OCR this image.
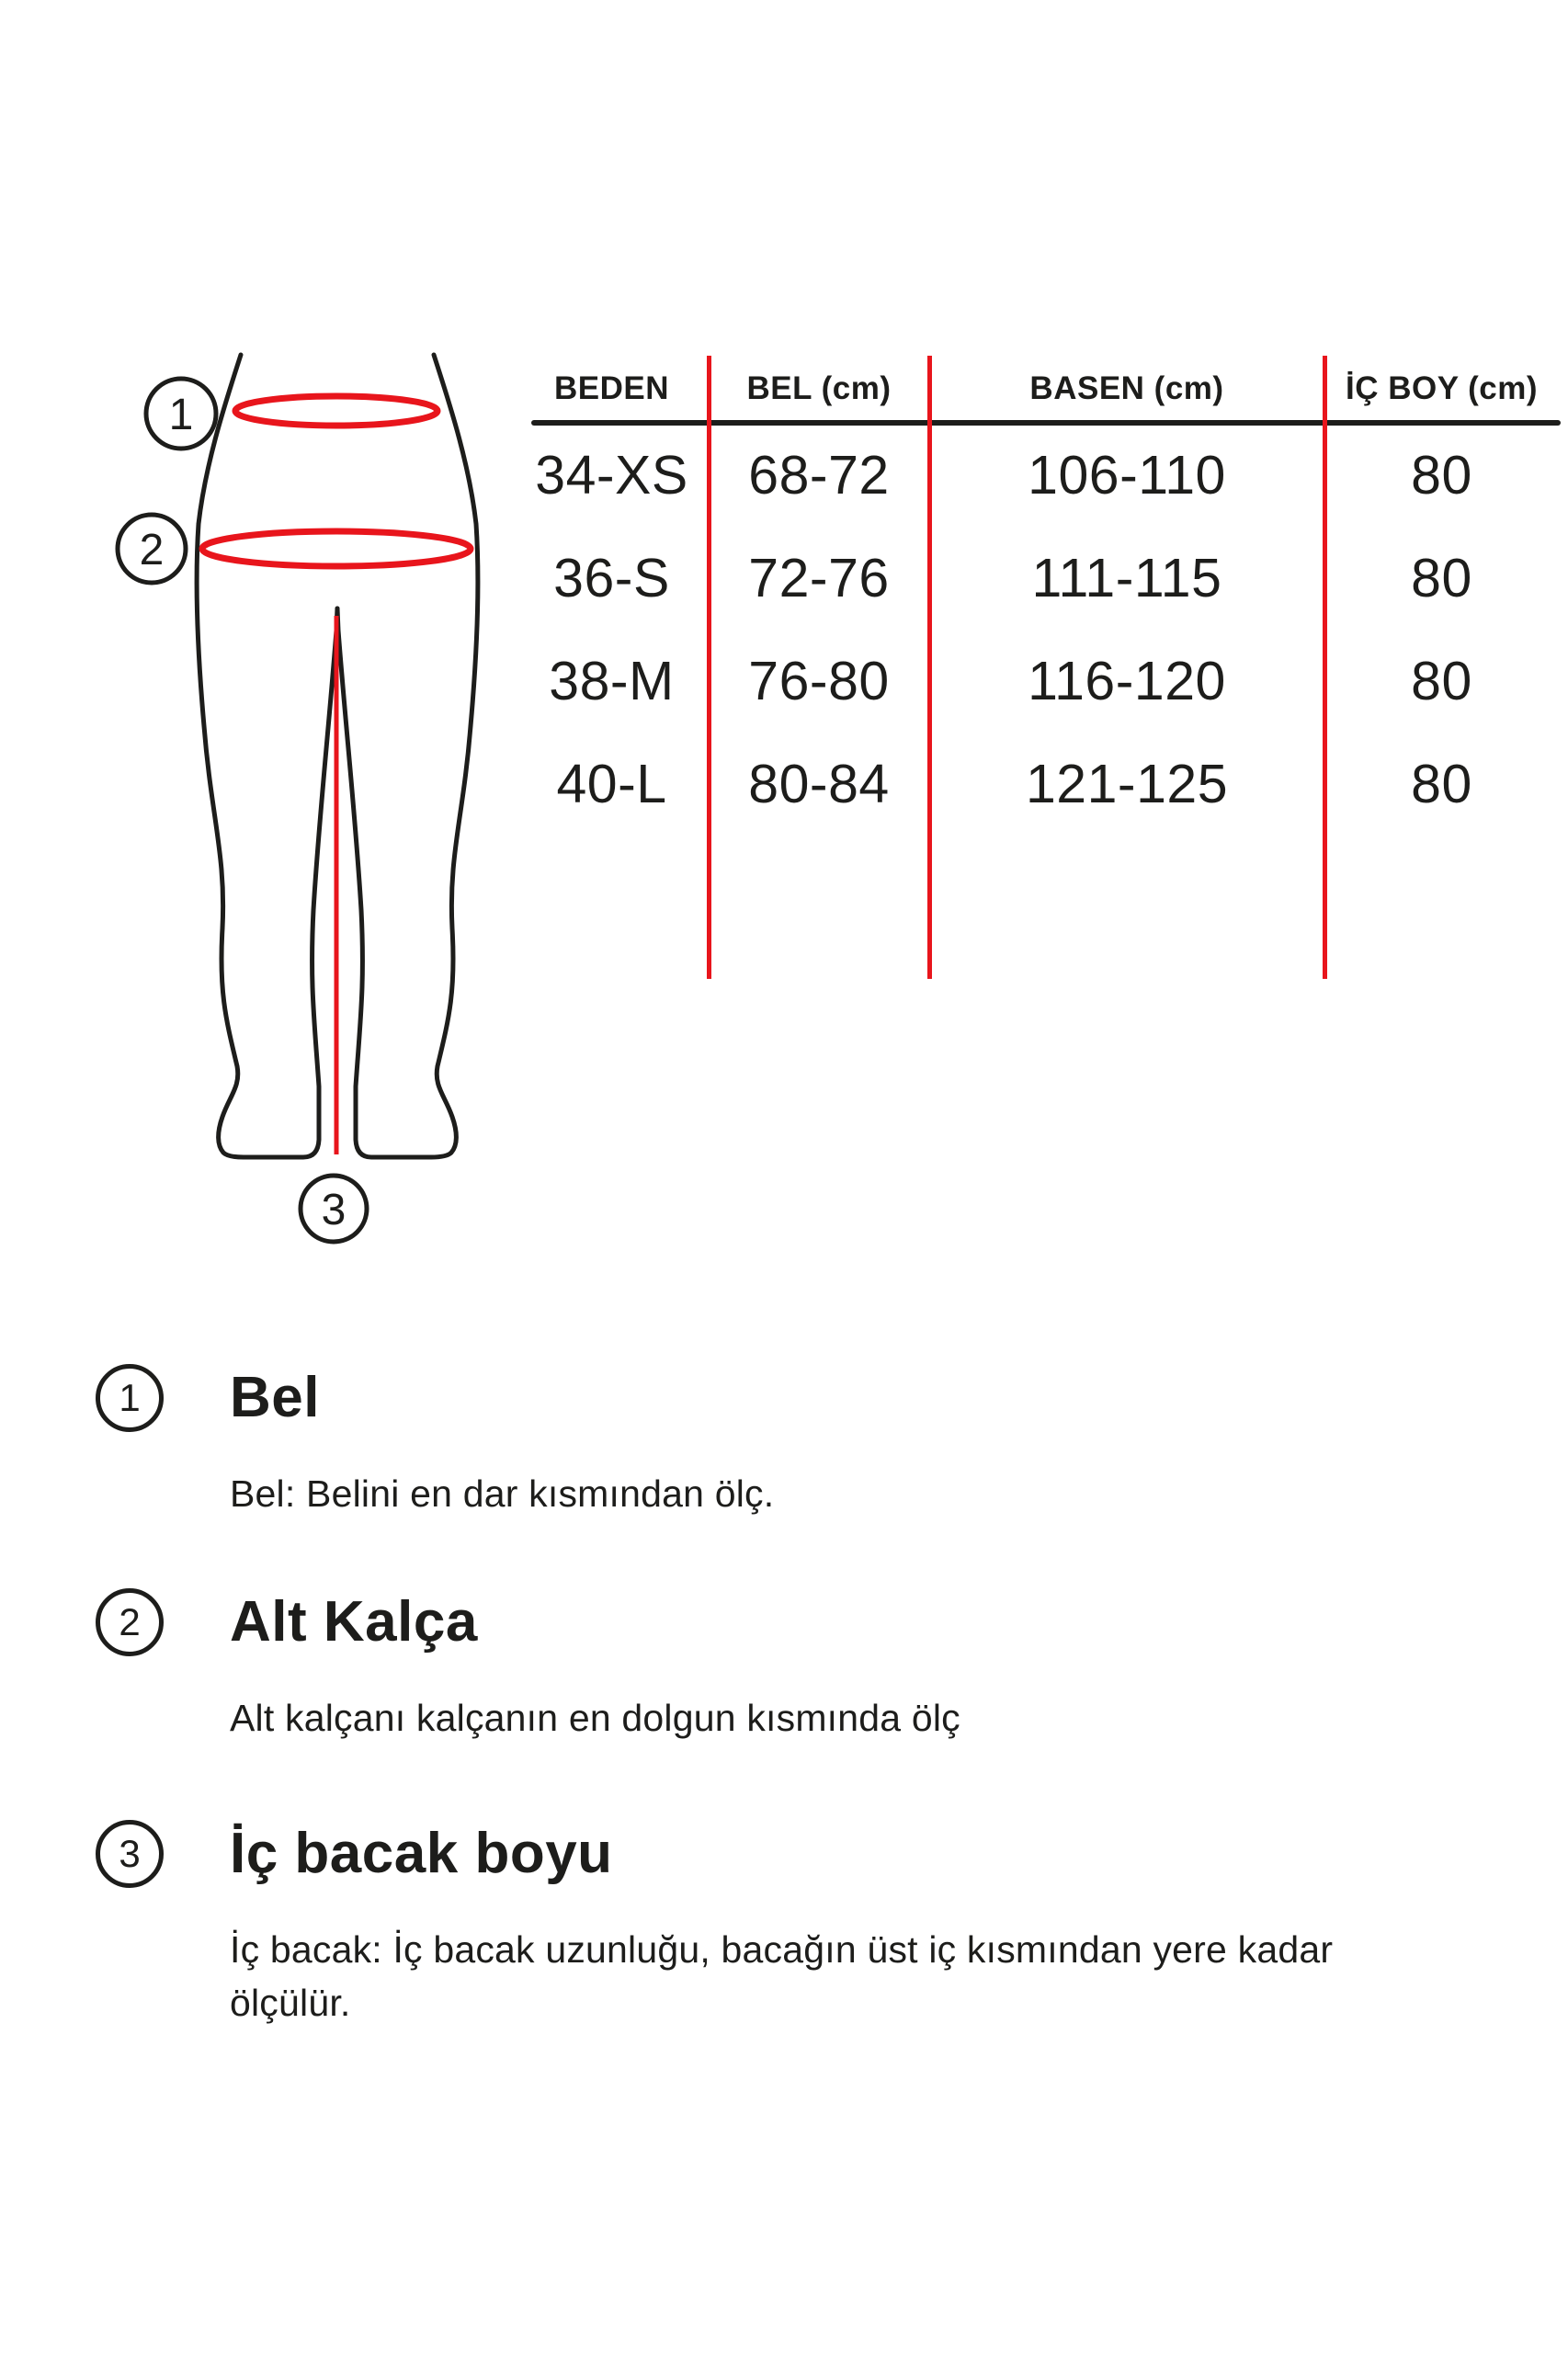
1
2
3
BEDEN	BEL (cm)	BASEN (cm)	İÇ BOY (cm)
34-XS	68-72	106-110	80
36-S	72-76	111-115	80
38-M	76-80	116-120	80
40-L	80-84	121-125	80
1 Bel

Bel: Belini en dar kısmından ölç.

2 Alt Kalça

Alt kalçanı kalçanın en dolgun kısmında ölç

3 İç bacak boyu

İç bacak: İç bacak uzunluğu, bacağın üst iç kısmından yere kadar ölçülür.
